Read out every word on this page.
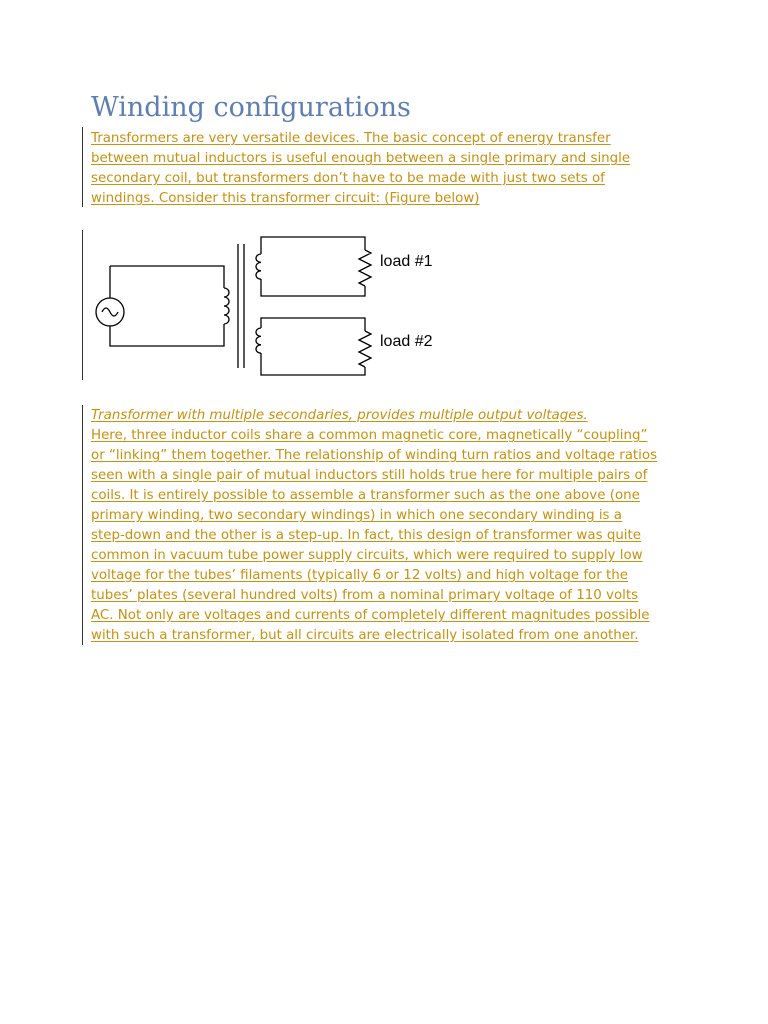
Winding configurations
Transformers are very versatile devices. The basic concept of energy transfer
between mutual inductors is useful enough between a single primary and single
secondary coil, but transformers don’t have to be made with just two sets of
windings. Consider this transformer circuit: (Figure below)
load #1
load #2
Transformer with multiple secondaries, provides multiple output voltages.
Here, three inductor coils share a common magnetic core, magnetically “coupling”
or “linking” them together. The relationship of winding turn ratios and voltage ratios
seen with a single pair of mutual inductors still holds true here for multiple pairs of
coils. It is entirely possible to assemble a transformer such as the one above (one
primary winding, two secondary windings) in which one secondary winding is a
step-down and the other is a step-up. In fact, this design of transformer was quite
common in vacuum tube power supply circuits, which were required to supply low
voltage for the tubes’ filaments (typically 6 or 12 volts) and high voltage for the
tubes’ plates (several hundred volts) from a nominal primary voltage of 110 volts
AC. Not only are voltages and currents of completely different magnitudes possible
with such a transformer, but all circuits are electrically isolated from one another.
